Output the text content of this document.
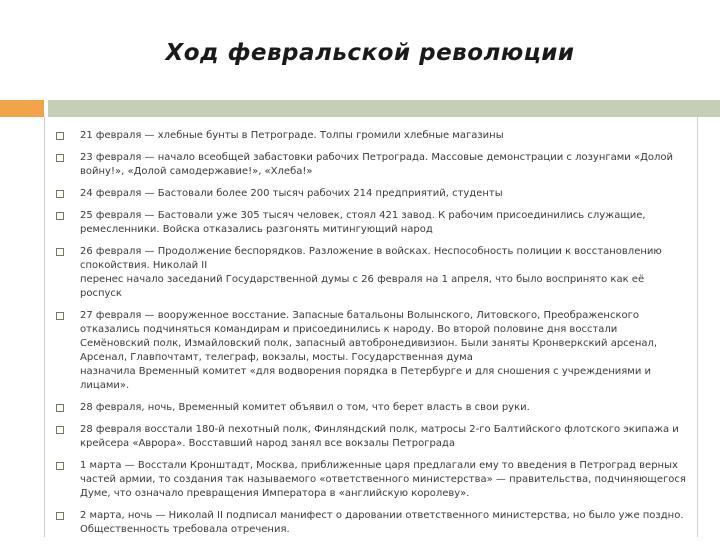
Ход февральской революции
21 февраля — хлебные бунты в Петрограде. Толпы громили хлебные магазины
23 февраля — начало всеобщей забастовки рабочих Петрограда. Массовые демонстрации с лозунгами «Долой войну!», «Долой самодержавие!», «Хлеба!»
24 февраля — Бастовали более 200 тысяч рабочих 214 предприятий, студенты
25 февраля — Бастовали уже 305 тысяч человек, стоял 421 завод. К рабочим присоединились служащие, ремесленники. Войска отказались разгонять митингующий народ
26 февраля — Продолжение беспорядков. Разложение в войсках. Неспособность полиции к восстановлению спокойствия. Николай II
перенес начало заседаний Государственной думы с 26 февраля на 1 апреля, что было воспринято как её роспуск
27 февраля — вооруженное восстание. Запасные батальоны Волынского, Литовского, Преображенского отказались подчиняться командирам и присоединились к народу. Во второй половине дня восстали Семёновский полк, Измайловский полк, запасный автобронедивизион. Были заняты Кронверкский арсенал, Арсенал, Главпочтамт, телеграф, вокзалы, мосты. Государственная дума
назначила Временный комитет «для водворения порядка в Петербурге и для сношения с учреждениями и лицами».
28 февраля, ночь, Временный комитет объявил о том, что берет власть в свои руки.
28 февраля восстали 180-й пехотный полк, Финляндский полк, матросы 2-го Балтийского флотского экипажа и крейсера «Аврора». Восставший народ занял все вокзалы Петрограда
1 марта — Восстали Кронштадт, Москва, приближенные царя предлагали ему то введения в Петроград верных частей армии, то создания так называемого «ответственного министерства» — правительства, подчиняющегося Думе, что означало превращения Императора в «английскую королеву».
2 марта, ночь — Николай II подписал манифест о даровании ответственного министерства, но было уже поздно. Общественность требовала отречения.
